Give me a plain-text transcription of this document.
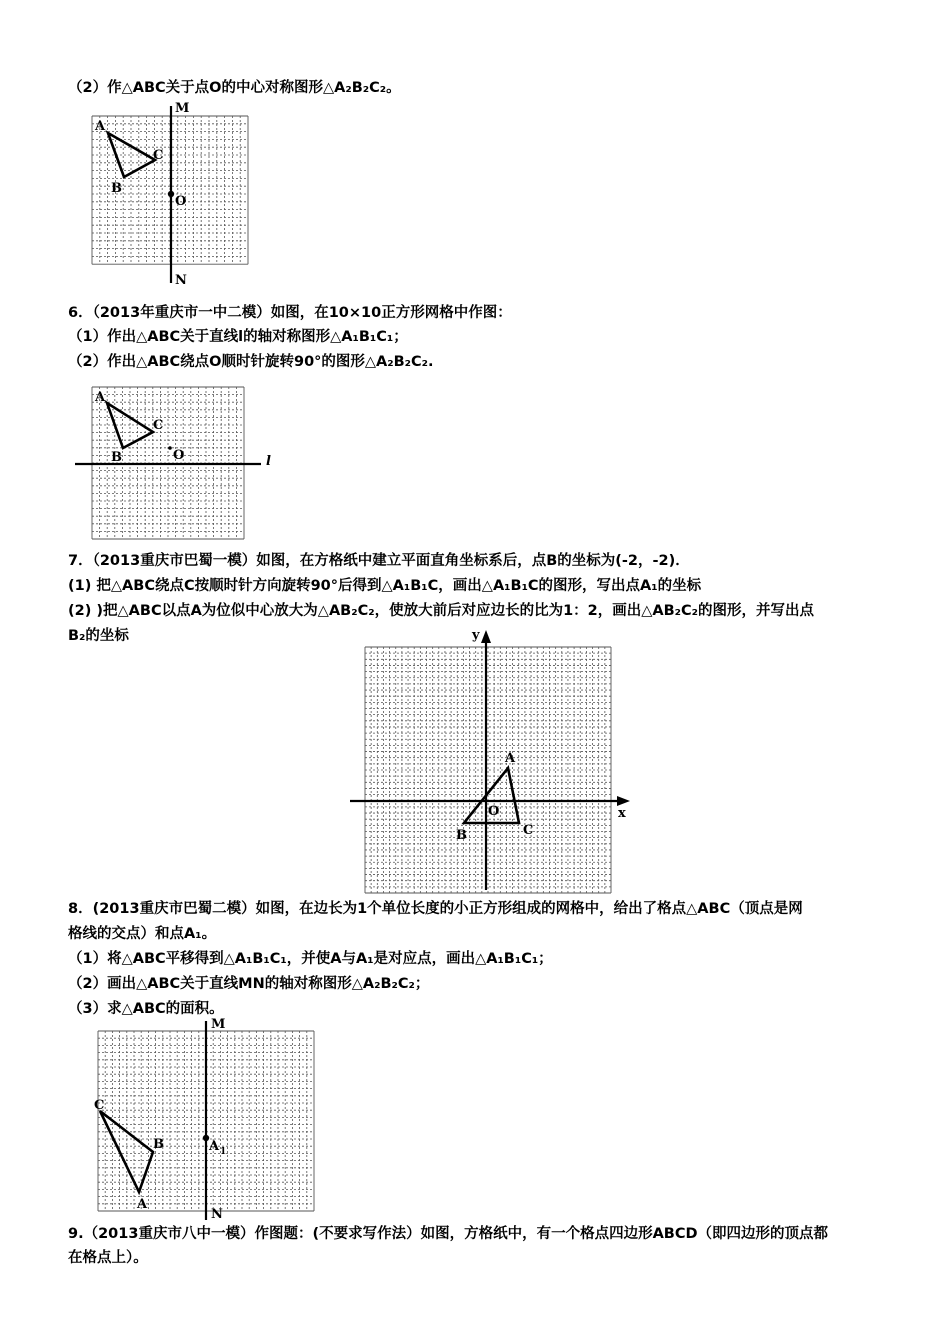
（2）作△ABC关于点O的中心对称图形△A₂B₂C₂。
6．（2013年重庆市一中二模）如图，在10×10正方形网格中作图：
（1）作出△ABC关于直线l的轴对称图形△A₁B₁C₁；
（2）作出△ABC绕点O顺时针旋转90°的图形△A₂B₂C₂.
7．（2013重庆市巴蜀一模）如图，在方格纸中建立平面直角坐标系后，点B的坐标为(-2，-2)．
(1) 把△ABC绕点C按顺时针方向旋转90°后得到△A₁B₁C，画出△A₁B₁C的图形，写出点A₁的坐标
(2) )把△ABC以点A为位似中心放大为△AB₂C₂，使放大前后对应边长的比为1：2，画出△AB₂C₂的图形，并写出点
B₂的坐标
8．(2013重庆市巴蜀二模）如图，在边长为1个单位长度的小正方形组成的网格中，给出了格点△ABC（顶点是网
格线的交点）和点A₁。
（1）将△ABC平移得到△A₁B₁C₁，并使A与A₁是对应点，画出△A₁B₁C₁；
（2）画出△ABC关于直线MN的轴对称图形△A₂B₂C₂；
（3）求△ABC的面积。
9.（2013重庆市八中一模）作图题：(不要求写作法）如图，方格纸中，有一个格点四边形ABCD（即四边形的顶点都
在格点上）。
A
B
C
O
M
N
A
B
C
O	l
A
B	C
O	x
y
C
B
A
A 1
M
N
